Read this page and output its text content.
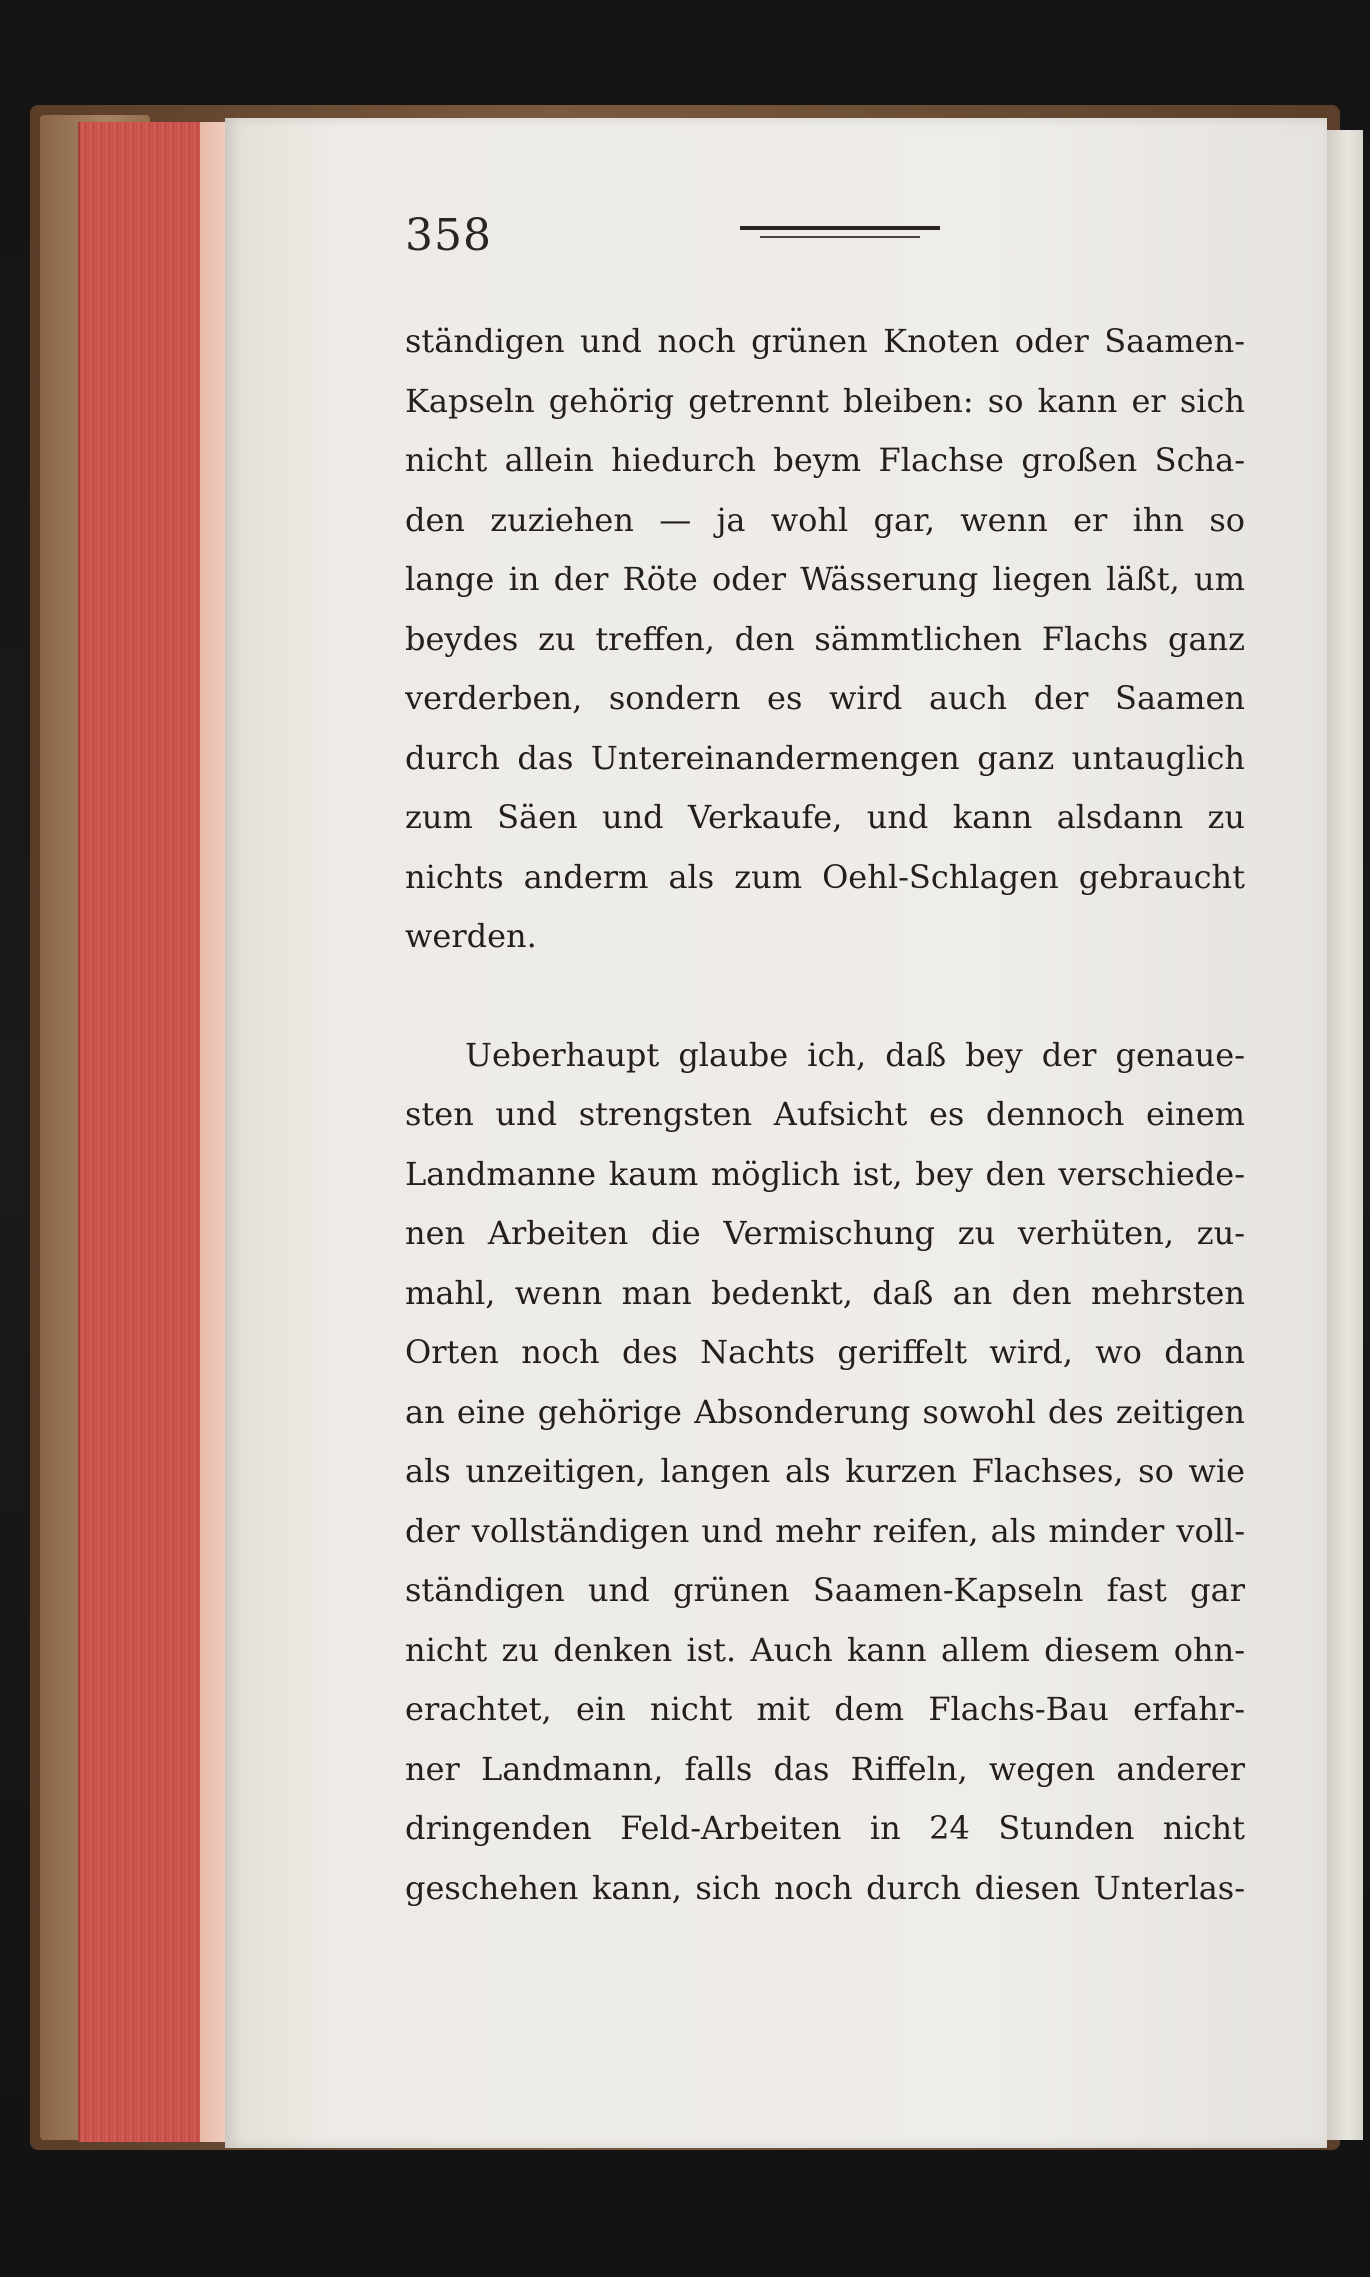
358
ständigen und noch grünen Knoten oder Saamen-
Kapseln gehörig getrennt bleiben: so kann er sich
nicht allein hiedurch beym Flachse großen Scha-
den zuziehen — ja wohl gar, wenn er ihn so
lange in der Röte oder Wässerung liegen läßt, um
beydes zu treffen, den sämmtlichen Flachs ganz
verderben, sondern es wird auch der Saamen
durch das Untereinandermengen ganz untauglich
zum Säen und Verkaufe, und kann alsdann zu
nichts anderm als zum Oehl-Schlagen gebraucht
werden.
Ueberhaupt glaube ich, daß bey der genaue-
sten und strengsten Aufsicht es dennoch einem
Landmanne kaum möglich ist, bey den verschiede-
nen Arbeiten die Vermischung zu verhüten, zu-
mahl, wenn man bedenkt, daß an den mehrsten
Orten noch des Nachts geriffelt wird, wo dann
an eine gehörige Absonderung sowohl des zeitigen
als unzeitigen, langen als kurzen Flachses, so wie
der vollständigen und mehr reifen, als minder voll-
ständigen und grünen Saamen-Kapseln fast gar
nicht zu denken ist. Auch kann allem diesem ohn-
erachtet, ein nicht mit dem Flachs-Bau erfahr-
ner Landmann, falls das Riffeln, wegen anderer
dringenden Feld-Arbeiten in 24 Stunden nicht
geschehen kann, sich noch durch diesen Unterlas-
